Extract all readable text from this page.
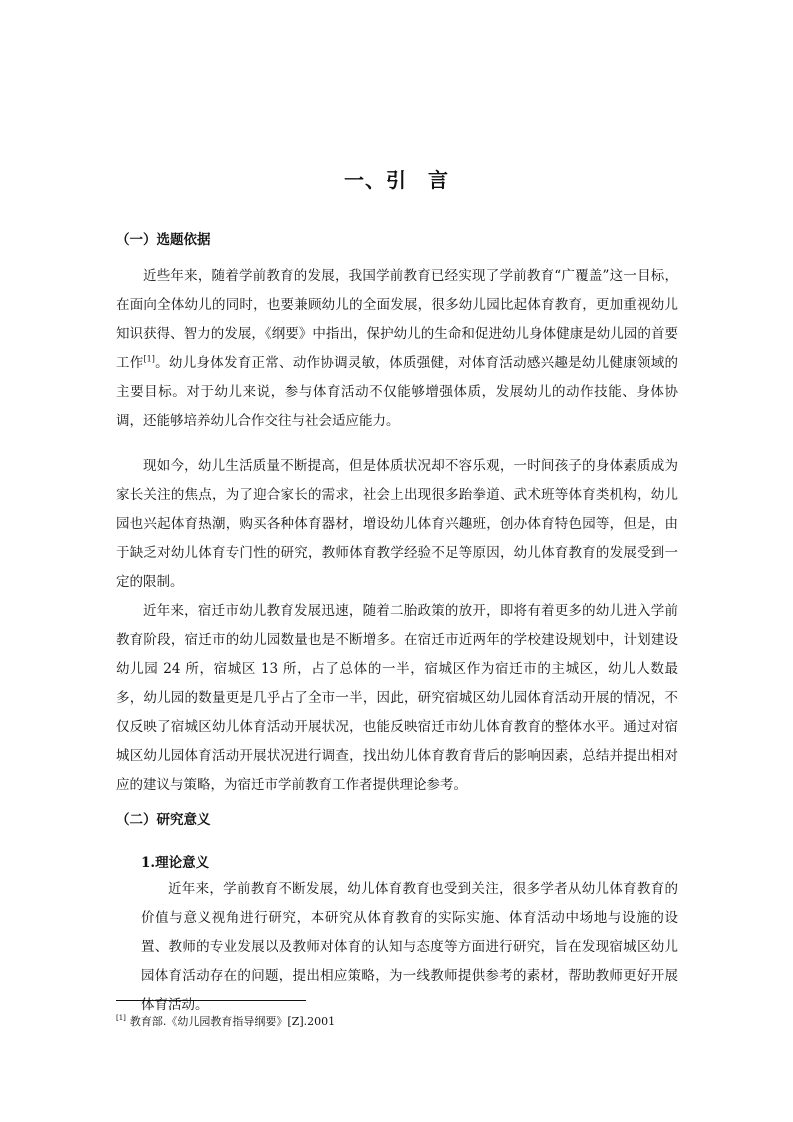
一、引　言
（一）选题依据

近些年来，随着学前教育的发展，我国学前教育已经实现了学前教育“广覆盖”这一目标，在面向全体幼儿的同时，也要兼顾幼儿的全面发展，很多幼儿园比起体育教育，更加重视幼儿知识获得、智力的发展，《纲要》中指出，保护幼儿的生命和促进幼儿身体健康是幼儿园的首要工作[1]。幼儿身体发育正常、动作协调灵敏，体质强健，对体育活动感兴趣是幼儿健康领域的主要目标。对于幼儿来说，参与体育活动不仅能够增强体质，发展幼儿的动作技能、身体协调，还能够培养幼儿合作交往与社会适应能力。

现如今，幼儿生活质量不断提高，但是体质状况却不容乐观，一时间孩子的身体素质成为家长关注的焦点，为了迎合家长的需求，社会上出现很多跆拳道、武术班等体育类机构，幼儿园也兴起体育热潮，购买各种体育器材，增设幼儿体育兴趣班，创办体育特色园等，但是，由于缺乏对幼儿体育专门性的研究，教师体育教学经验不足等原因，幼儿体育教育的发展受到一定的限制。

近年来，宿迁市幼儿教育发展迅速，随着二胎政策的放开，即将有着更多的幼儿进入学前教育阶段，宿迁市的幼儿园数量也是不断增多。在宿迁市近两年的学校建设规划中，计划建设幼儿园 24 所，宿城区 13 所，占了总体的一半，宿城区作为宿迁市的主城区，幼儿人数最多，幼儿园的数量更是几乎占了全市一半，因此，研究宿城区幼儿园体育活动开展的情况，不仅反映了宿城区幼儿体育活动开展状况，也能反映宿迁市幼儿体育教育的整体水平。通过对宿城区幼儿园体育活动开展状况进行调查，找出幼儿体育教育背后的影响因素，总结并提出相对应的建议与策略，为宿迁市学前教育工作者提供理论参考。

（二）研究意义
1.理论意义

近年来，学前教育不断发展，幼儿体育教育也受到关注，很多学者从幼儿体育教育的价值与意义视角进行研究，本研究从体育教育的实际实施、体育活动中场地与设施的设置、教师的专业发展以及教师对体育的认知与态度等方面进行研究，旨在发现宿城区幼儿园体育活动存在的问题，提出相应策略，为一线教师提供参考的素材，帮助教师更好开展体育活动。

[1] 教育部.《幼儿园教育指导纲要》[Z].2001
